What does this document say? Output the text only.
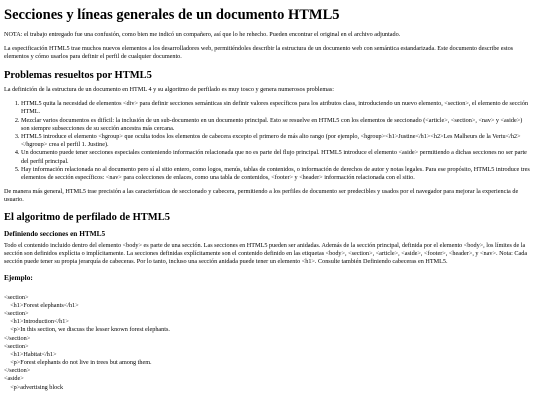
Secciones y líneas generales de un documento HTML5

NOTA: el trabajo entregado fue una confusión, como bien me indicó un compañero, así que lo he rehecho. Pueden encontrar el original en el archivo adjuntado.

La especificación HTML5 trae muchos nuevos elementos a los desarrolladores web, permitiéndoles describir la estructura de un documento web con semántica estandarizada. Este documento describe estos elementos y cómo usarlos para definir el perfil de cualquier documento.

Problemas resueltos por HTML5

La definición de la estructura de un documento en HTML 4 y su algoritmo de perfilado es muy tosco y genera numerosos problemas:

1. HTML5 quita la necesidad de elementos <div> para definir secciones semánticas sin definir valores específicos para los atributos class, introduciendo un nuevo elemento, <section>, el elemento de sección HTML.
2. Mezclar varios documentos es difícil: la inclusión de un sub-documento en un documento principal. Esto se resuelve en HTML5 con los elementos de seccionado (<article>, <section>, <nav> y <aside>) son siempre subsecciones de su sección ancestra más cercana.
3. HTML5 introduce el elemento <hgroup> que oculta todos los elementos de cabecera excepto el primero de más alto rango (por ejemplo, <hgroup><h1>Justine</h1><h2>Les Malheurs de la Vertu</h2></hgroup> crea el perfil 1. Justine).
4. Un documento puede tener secciones especiales conteniendo información relacionada que no es parte del flujo principal. HTML5 introduce el elemento <aside> permitiendo a dichas secciones no ser parte del perfil principal.
5. Hay información relacionada no al documento pero sí al sitio entero, como logos, menús, tablas de contenidos, o información de derechos de autor y notas legales. Para ese propósito, HTML5 introduce tres elementos de sección específicos: <nav> para colecciones de enlaces, como una tabla de contenidos, <footer> y <header> información relacionada con el sitio.

De manera más general, HTML5 trae precisión a las características de seccionado y cabecera, permitiendo a los perfiles de documento ser predecibles y usados por el navegador para mejorar la experiencia de usuario.

El algoritmo de perfilado de HTML5
Definiendo secciones en HTML5

Todo el contenido incluido dentro del elemento <body> es parte de una sección. Las secciones en HTML5 pueden ser anidadas. Además de la sección principal, definida por el elemento <body>, los límites de la sección son definidos explícita o implícitamente. La secciones definidas explícitamente son el contenido definido en las etiquetas <body>, <section>, <article>, <aside>, <footer>, <header>, y <nav>. Nota: Cada sección puede tener su propia jerarquía de cabeceras. Por lo tanto, incluso una sección anidada puede tener un elemento <h1>. Consulte también Definiendo cabeceras en HTML5.

Ejemplo:
<section>
<h1>Forest elephants</h1>
<section>
<h1>Introduction</h1>
<p>In this section, we discuss the lesser known forest elephants.
</section>
<section>
<h1>Habitat</h1>
<p>Forest elephants do not live in trees but among them.
</section>
<aside>
<p>advertising block
